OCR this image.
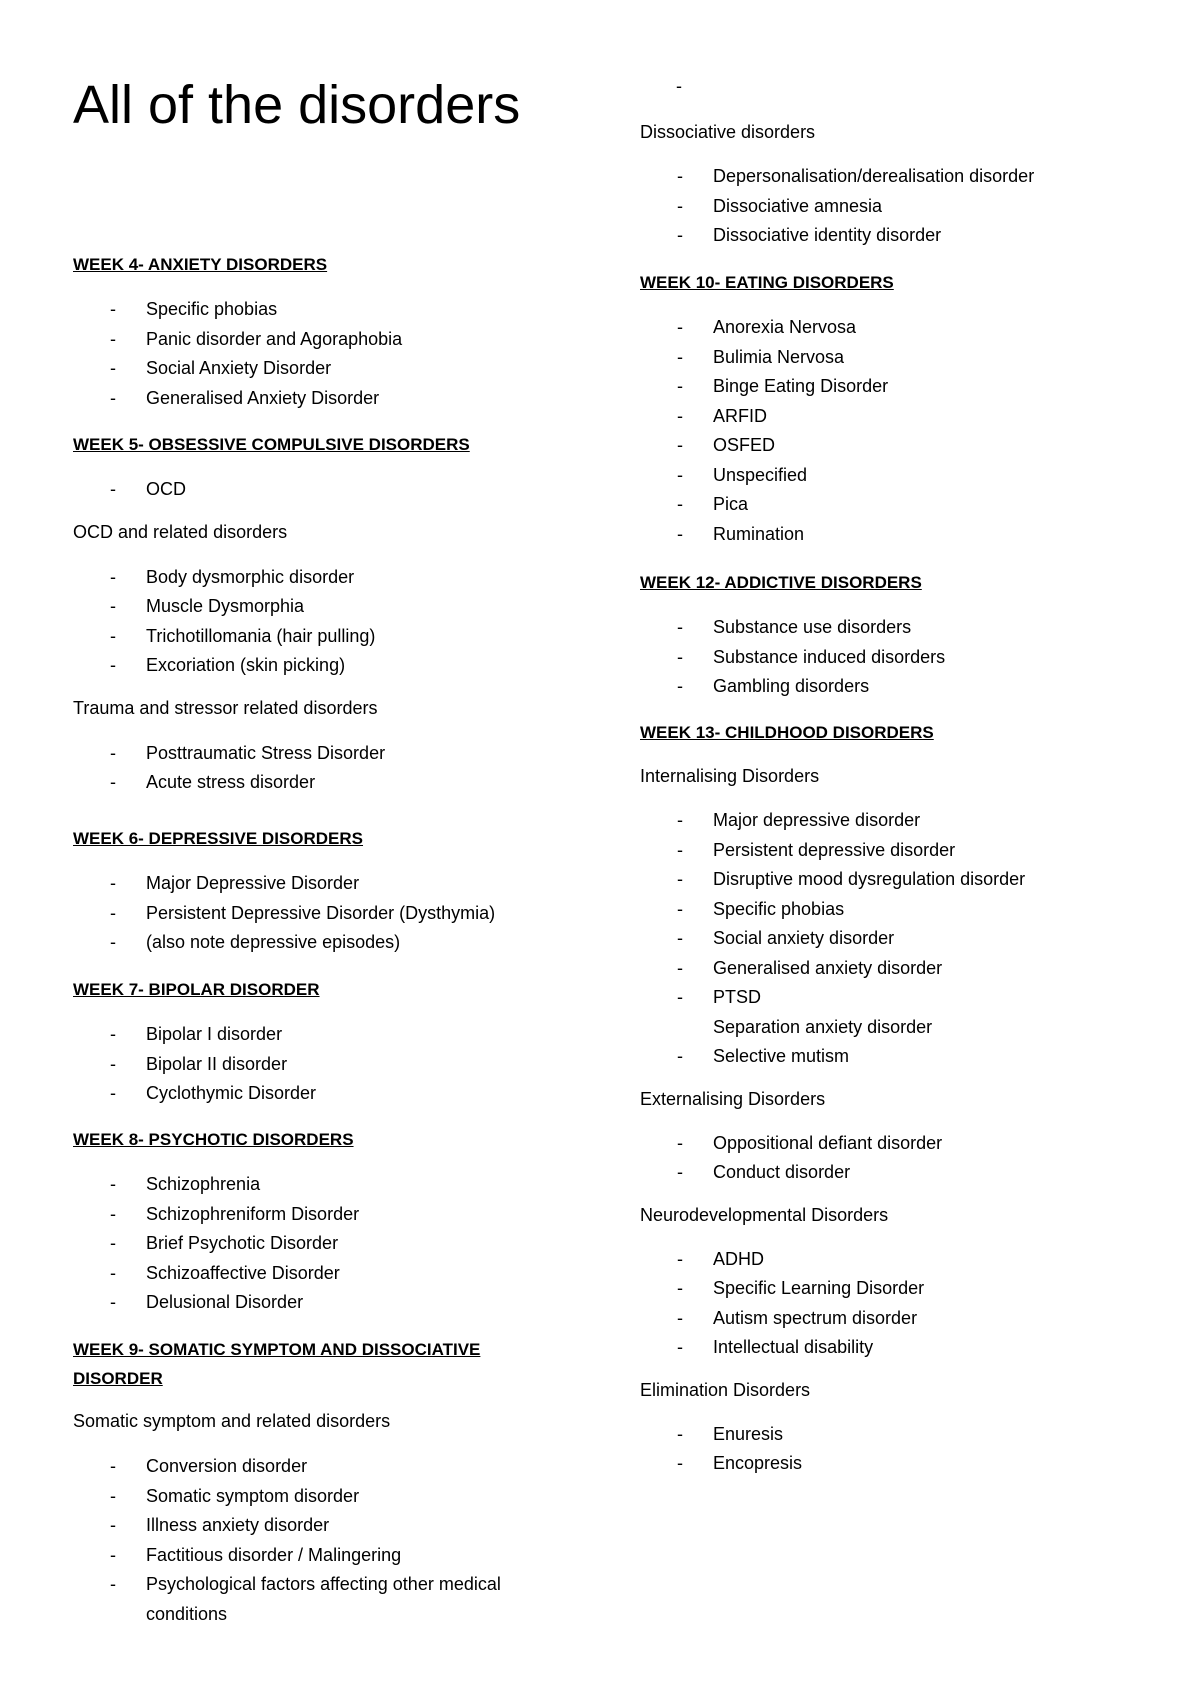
All of the disorders

WEEK 4- ANXIETY DISORDERS

- Specific phobias
- Panic disorder and Agoraphobia
- Social Anxiety Disorder
- Generalised Anxiety Disorder

WEEK 5- OBSESSIVE COMPULSIVE DISORDERS

- OCD

OCD and related disorders

- Body dysmorphic disorder
- Muscle Dysmorphia
- Trichotillomania (hair pulling)
- Excoriation (skin picking)

Trauma and stressor related disorders

- Posttraumatic Stress Disorder
- Acute stress disorder

WEEK 6- DEPRESSIVE DISORDERS

- Major Depressive Disorder
- Persistent Depressive Disorder (Dysthymia)
- (also note depressive episodes)

WEEK 7- BIPOLAR DISORDER

- Bipolar I disorder
- Bipolar II disorder
- Cyclothymic Disorder

WEEK 8- PSYCHOTIC DISORDERS

- Schizophrenia
- Schizophreniform Disorder
- Brief Psychotic Disorder
- Schizoaffective Disorder
- Delusional Disorder

WEEK 9- SOMATIC SYMPTOM AND DISSOCIATIVE
DISORDER

Somatic symptom and related disorders

- Conversion disorder
- Somatic symptom disorder
- Illness anxiety disorder
- Factitious disorder / Malingering
- Psychological factors affecting other medical
conditions
-

Dissociative disorders

- Depersonalisation/derealisation disorder
- Dissociative amnesia
- Dissociative identity disorder

WEEK 10- EATING DISORDERS

- Anorexia Nervosa
- Bulimia Nervosa
- Binge Eating Disorder
- ARFID
- OSFED
- Unspecified
- Pica
- Rumination

WEEK 12- ADDICTIVE DISORDERS

- Substance use disorders
- Substance induced disorders
- Gambling disorders

WEEK 13- CHILDHOOD DISORDERS

Internalising Disorders

- Major depressive disorder
- Persistent depressive disorder
- Disruptive mood dysregulation disorder
- Specific phobias
- Social anxiety disorder
- Generalised anxiety disorder
- PTSD
Separation anxiety disorder
- Selective mutism

Externalising Disorders

- Oppositional defiant disorder
- Conduct disorder

Neurodevelopmental Disorders

- ADHD
- Specific Learning Disorder
- Autism spectrum disorder
- Intellectual disability

Elimination Disorders

- Enuresis
- Encopresis
